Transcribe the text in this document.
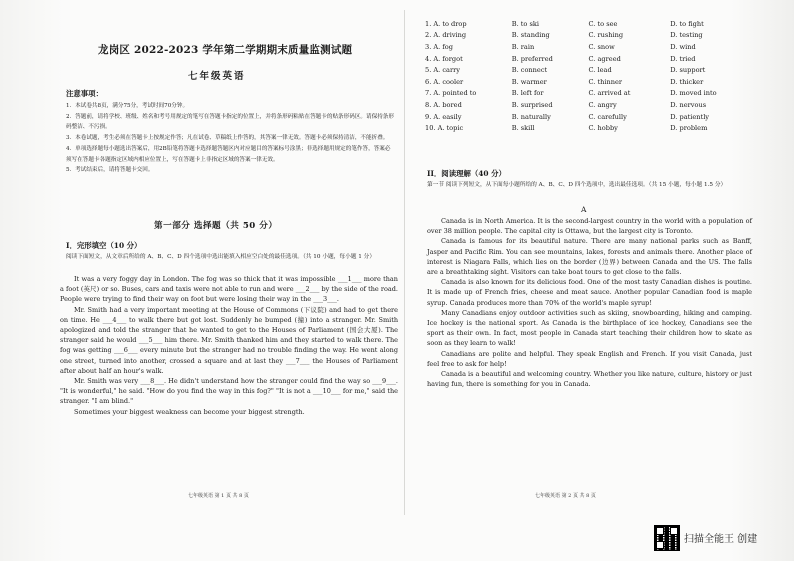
龙岗区 2022-2023 学年第二学期期末质量监测试题
七年级英语
注意事项：

1．本试卷共8页，满分75分，考试时间70分钟。

2．答题前，请将学校、班级、姓名和考号用规定的笔写在答题卡指定的位置上，并将条形码粘贴在答题卡的贴条形码区。请保持条形码整洁、不污损。

3．本卷试题，考生必须在答题卡上按规定作答；凡在试卷、草稿纸上作答的，其答案一律无效。答题卡必须保持清洁，不能折叠。

4．单项选择题每小题选出答案后，用2B铅笔将答题卡选择题答题区内对应题目的答案标号涂黑；非选择题用规定的笔作答，答案必须写在答题卡各题指定区域内相应位置上，写在答题卡上非指定区域的答案一律无效。

5．考试结束后，请将答题卡交回。

第一部分 选择题（共 50 分）
I．完形填空（10 分）
阅读下面短文，从文章后所给的 A、B、C、D 四个选项中选出能填入相应空白处的最佳选项。（共 10 小题，每小题 1 分）

It was a very foggy day in London. The fog was so thick that it was impossible ___1___ more than a foot (英尺) or so. Buses, cars and taxis were not able to run and were ___2___ by the side of the road. People were trying to find their way on foot but were losing their way in the ___3___.

Mr. Smith had a very important meeting at the House of Commons (下议院) and had to get there on time. He ___4___ to walk there but got lost. Suddenly he bumped (撞) into a stranger. Mr. Smith apologized and told the stranger that he wanted to get to the Houses of Parliament (国会大厦). The stranger said he would ___5___ him there. Mr. Smith thanked him and they started to walk there. The fog was getting ___6___ every minute but the stranger had no trouble finding the way. He went along one street, turned into another, crossed a square and at last they ___7___ the Houses of Parliament after about half an hour's walk.

Mr. Smith was very ___8___. He didn't understand how the stranger could find the way so ___9___. "It is wonderful," he said. "How do you find the way in this fog?" "It is not a ___10___ for me," said the stranger. "I am blind."

Sometimes your biggest weakness can become your biggest strength.

七年级英语 第 1 页 共 8 页
1. A. to drop	B. to ski	C. to see	D. to fight
2. A. driving	B. standing	C. rushing	D. testing
3. A. fog	B. rain	C. snow	D. wind
4. A. forgot	B. preferred	C. agreed	D. tried
5. A. carry	B. connect	C. lead	D. support
6. A. cooler	B. warmer	C. thinner	D. thicker
7. A. pointed to	B. left for	C. arrived at	D. moved into
8. A. bored	B. surprised	C. angry	D. nervous
9. A. easily	B. naturally	C. carefully	D. patiently
10. A. topic	B. skill	C. hobby	D. problem
II．阅读理解（40 分）
第一节 阅读下列短文，从下面每小题所给的 A、B、C、D 四个选项中，选出最佳选项。（共 15 小题，每小题 1.5 分）
A

Canada is in North America. It is the second-largest country in the world with a population of over 38 million people. The capital city is Ottawa, but the largest city is Toronto.

Canada is famous for its beautiful nature. There are many national parks such as Banff, Jasper and Pacific Rim. You can see mountains, lakes, forests and animals there. Another place of interest is Niagara Falls, which lies on the border (边界) between Canada and the US. The falls are a breathtaking sight. Visitors can take boat tours to get close to the falls.

Canada is also known for its delicious food. One of the most tasty Canadian dishes is poutine. It is made up of French fries, cheese and meat sauce. Another popular Canadian food is maple syrup. Canada produces more than 70% of the world's maple syrup!

Many Canadians enjoy outdoor activities such as skiing, snowboarding, hiking and camping. Ice hockey is the national sport. As Canada is the birthplace of ice hockey, Canadians see the sport as their own. In fact, most people in Canada start teaching their children how to skate as soon as they learn to walk!

Canadians are polite and helpful. They speak English and French. If you visit Canada, just feel free to ask for help!

Canada is a beautiful and welcoming country. Whether you like nature, culture, history or just having fun, there is something for you in Canada.

七年级英语 第 2 页 共 8 页
扫描全能王 创建
